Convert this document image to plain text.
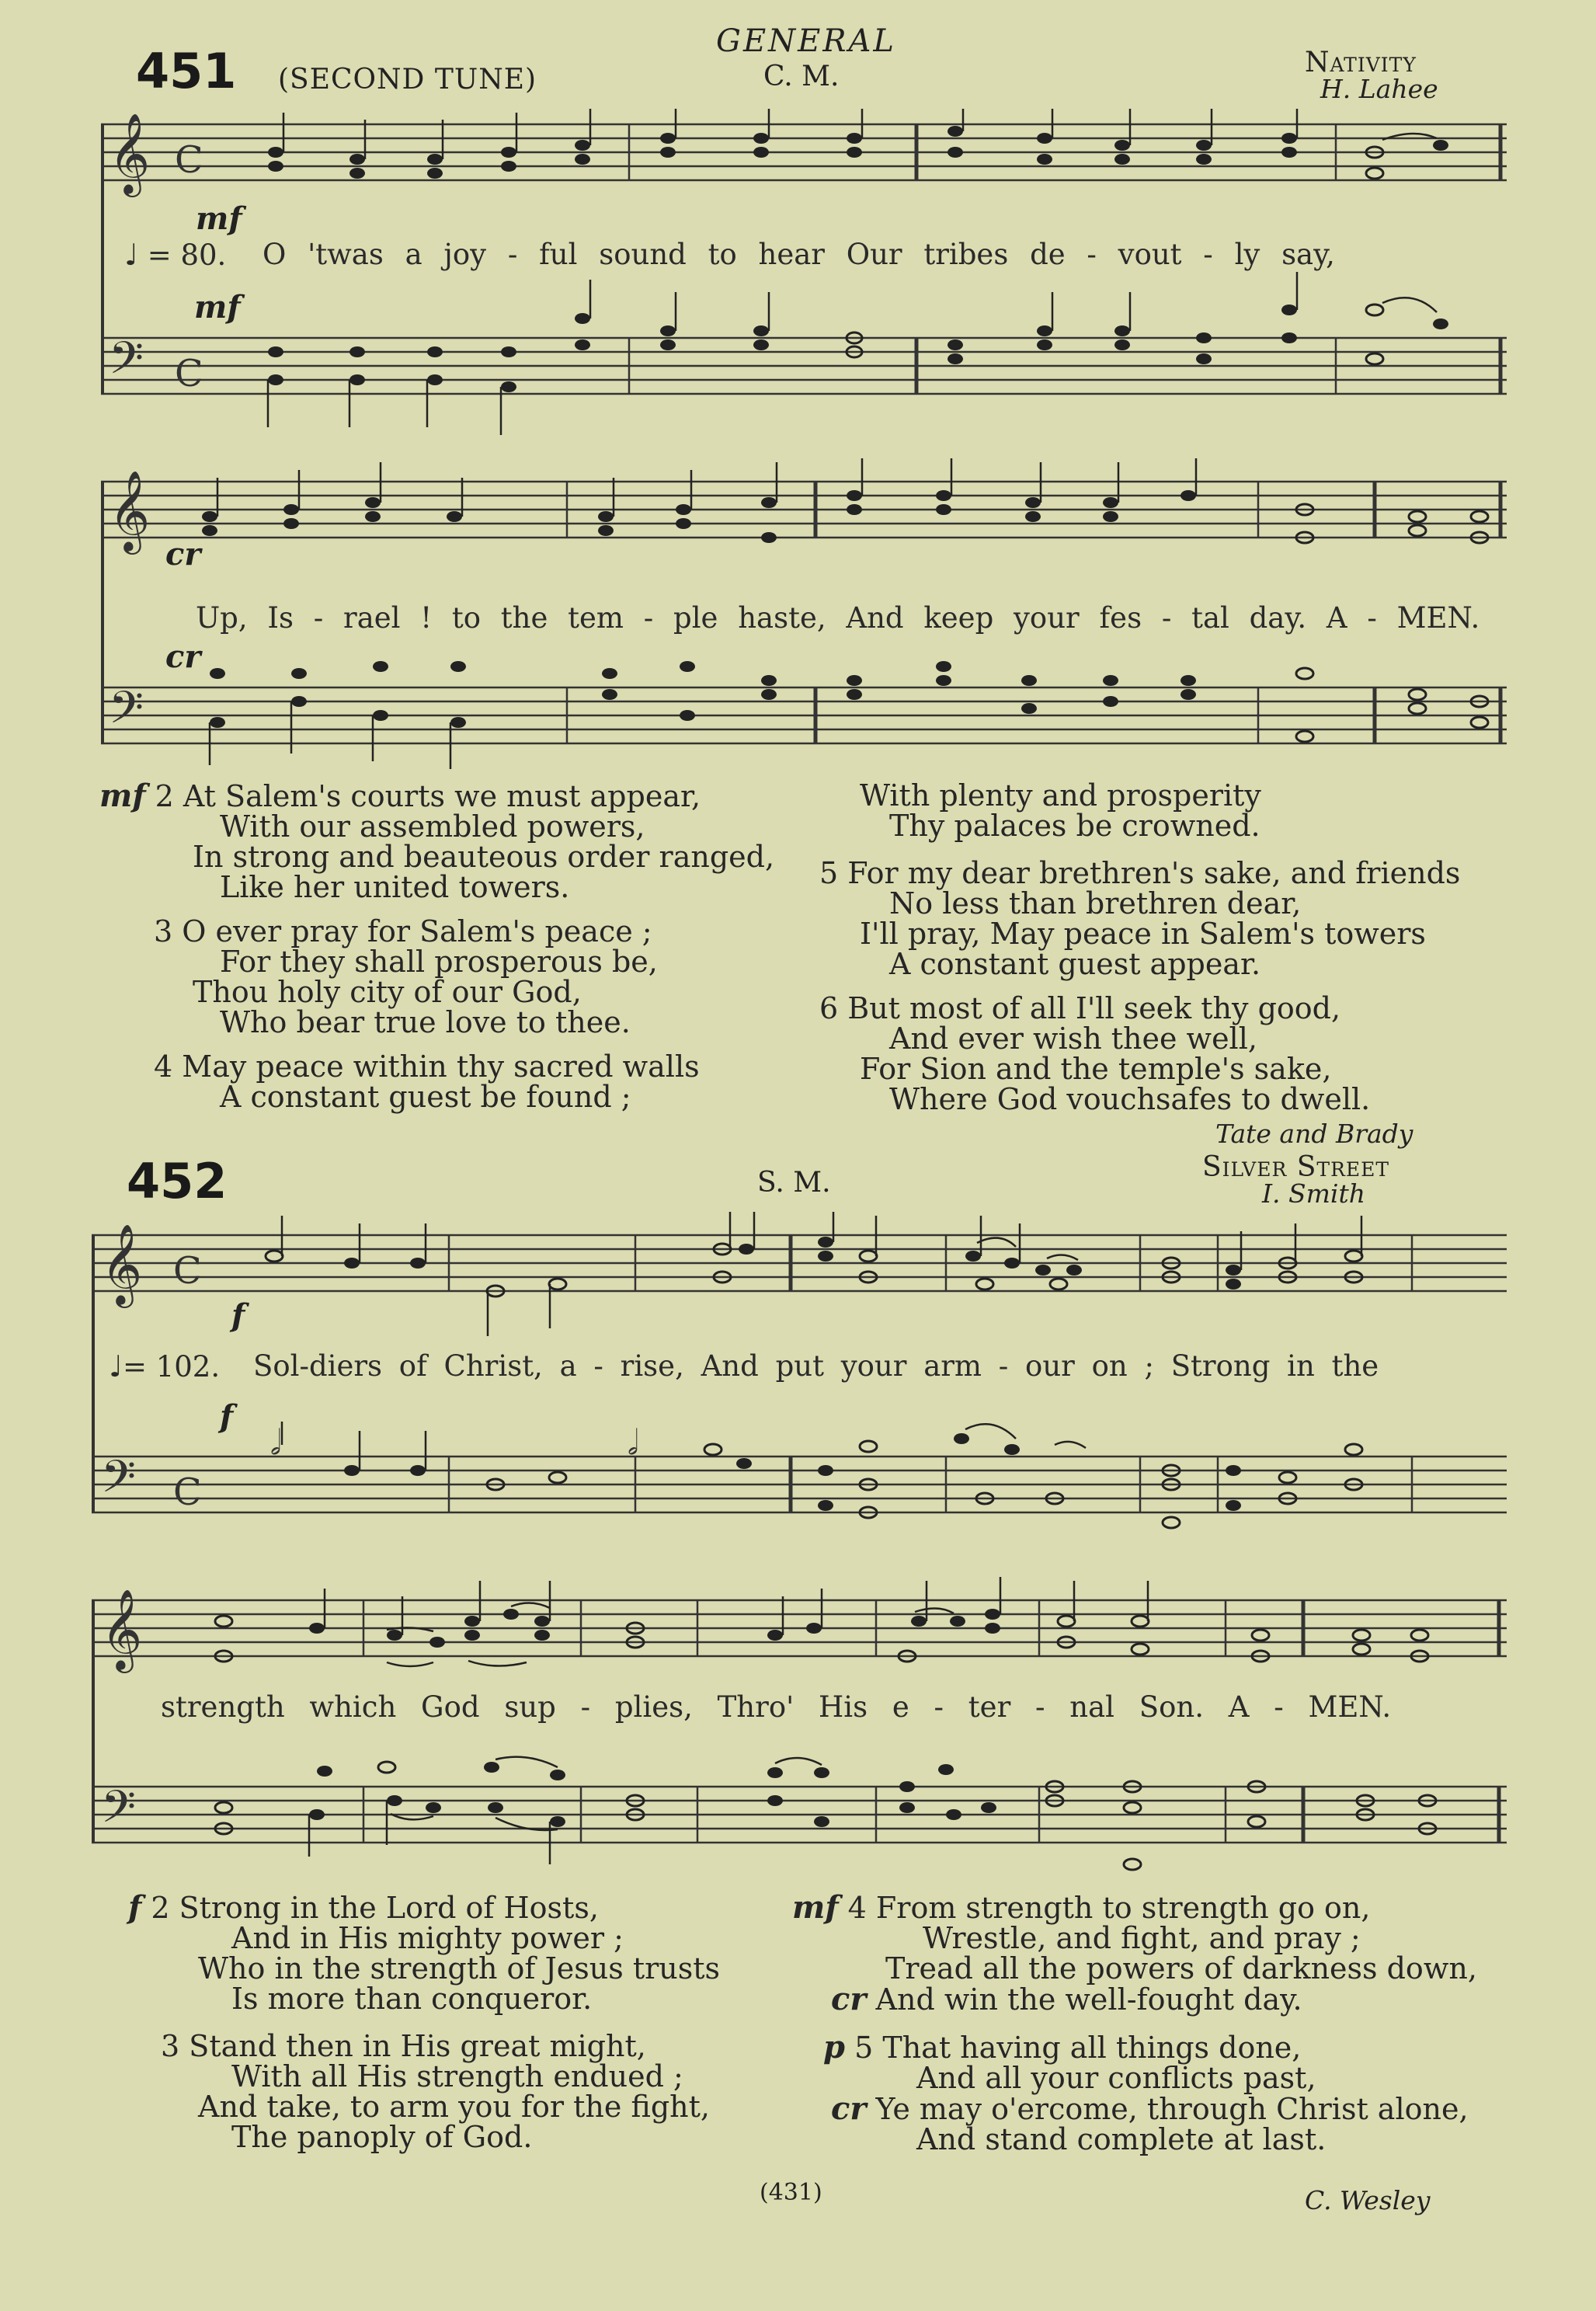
GENERAL
451 (SECOND TUNE)	C. M.	Nativity
H. Lahee
𝄞
𝄢
C
C
mf
mf
♩ = 80. O 'twas a joy - ful sound to hear Our tribes de - vout - ly say,
𝄞
𝄢
cr
cr
Up, Is - rael ! to the tem - ple haste, And keep your fes - tal day. A - MEN.
mf 2 At Salem's courts we must appear,
With our assembled powers,
In strong and beauteous order ranged,
Like her united towers.
3 O ever pray for Salem's peace ;
For they shall prosperous be,
Thou holy city of our God,
Who bear true love to thee.
4 May peace within thy sacred walls
A constant guest be found ;
With plenty and prosperity
Thy palaces be crowned.
5 For my dear brethren's sake, and friends
No less than brethren dear,
I'll pray, May peace in Salem's towers
A constant guest appear.
6 But most of all I'll seek thy good,
And ever wish thee well,
For Sion and the temple's sake,
Where God vouchsafes to dwell.
Tate and Brady
452	S. M.	Silver Street
I. Smith
𝄞
𝄢
C
C
𝅗𝅥	𝅗𝅥
f
f
♩= 102. Sol-diers of Christ, a - rise, And put your arm - our on ; Strong in the
𝄞
𝄢
strength which God sup - plies, Thro' His e - ter - nal Son. A - MEN.
f 2 Strong in the Lord of Hosts,
And in His mighty power ;
Who in the strength of Jesus trusts
Is more than conqueror.
3 Stand then in His great might,
With all His strength endued ;
And take, to arm you for the fight,
The panoply of God.
mf 4 From strength to strength go on,
Wrestle, and fight, and pray ;
Tread all the powers of darkness down,
cr And win the well-fought day.
p 5 That having all things done,
And all your conflicts past,
cr Ye may o'ercome, through Christ alone,
And stand complete at last.
(431)	C. Wesley
